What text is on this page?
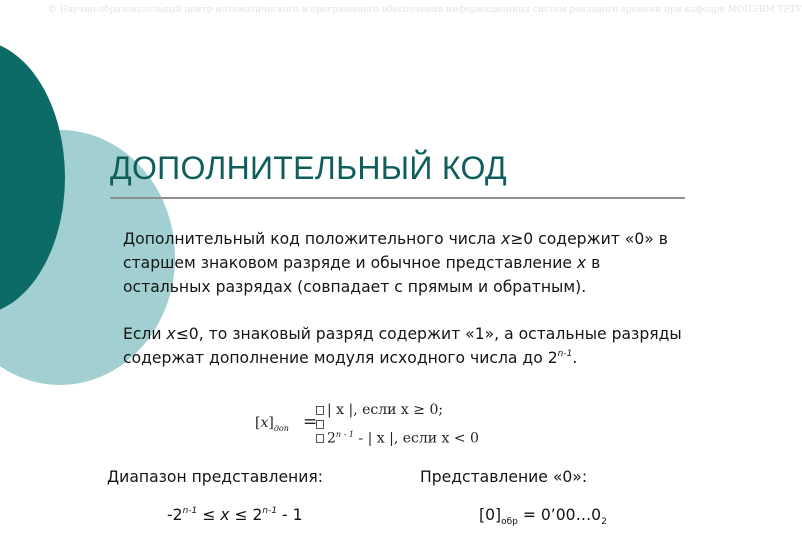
© Научно-образовательный центр математического и программного обеспечения информационных систем реального времени при кафедре МОПЭВМ ТРТУ
ДОПОЛНИТЕЛЬНЫЙ КОД
Дополнительный код положительного числа x≥0 содержит «0» в старшем знаковом разряде и обычное представление x в остальных разрядах (совпадает с прямым и обратным).
Если x≤0, то знаковый разряд содержит «1», а остальные разряды содержат дополнение модуля исходного числа до 2$^{n-1}$.
$[x]_{доп}$ =
| x |, если x ≥ 0;
2$^{n - 1}$ - | x |, если x < 0
Диапазон представления:
$-2^{n-1} \le x \le 2^{n-1} - 1$
Представление «0»:
$[0]_{обр}$ = $0’00\dots 0_2$
